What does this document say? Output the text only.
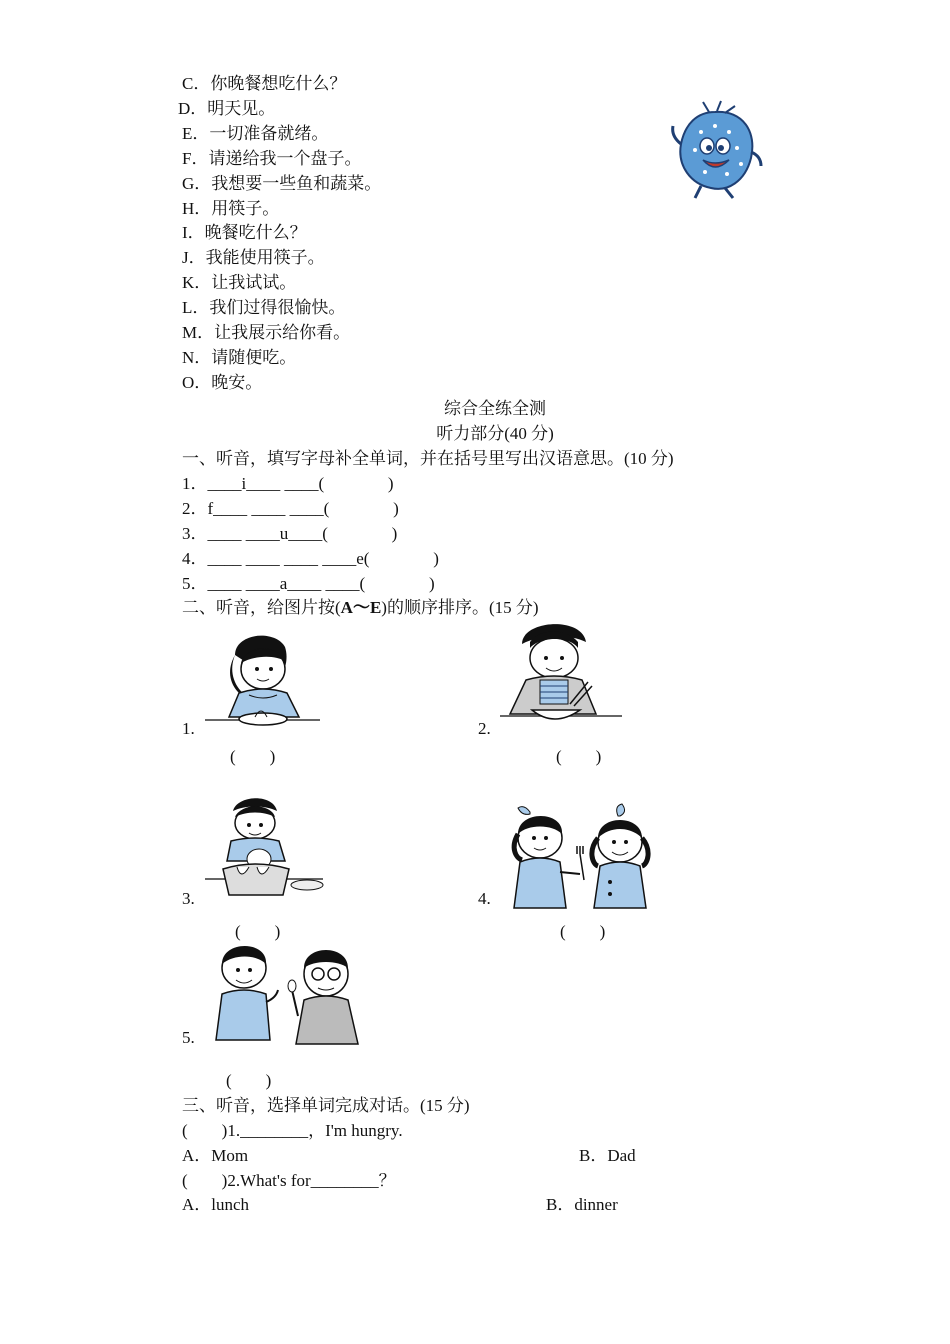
C．你晚餐想吃什么？
D．明天见。
E．一切准备就绪。
F．请递给我一个盘子。
G．我想要一些鱼和蔬菜。
H．用筷子。
I．晚餐吃什么？
J．我能使用筷子。
K．让我试试。
L．我们过得很愉快。
M．让我展示给你看。
N．请随便吃。
O．晚安。
综合全练全测
听力部分(40 分)
一、听音，填写字母补全单词，并在括号里写出汉语意思。(10 分)
1．____i____ ____(               )
2．f____ ____ ____(               )
3．____ ____u____(               )
4．____ ____ ____ ____e(               )
5．____ ____a____ ____(               )
二、听音，给图片按(A～E)的顺序排序。(15 分)
1.
(        )
2.
(        )
3.
(        )
4.
(        )
5.
(        )
三、听音，选择单词完成对话。(15 分)
(        )1.________，I'm hungry.
A．Mom	B．Dad
(        )2.What's for________？
A．lunch	B．dinner
